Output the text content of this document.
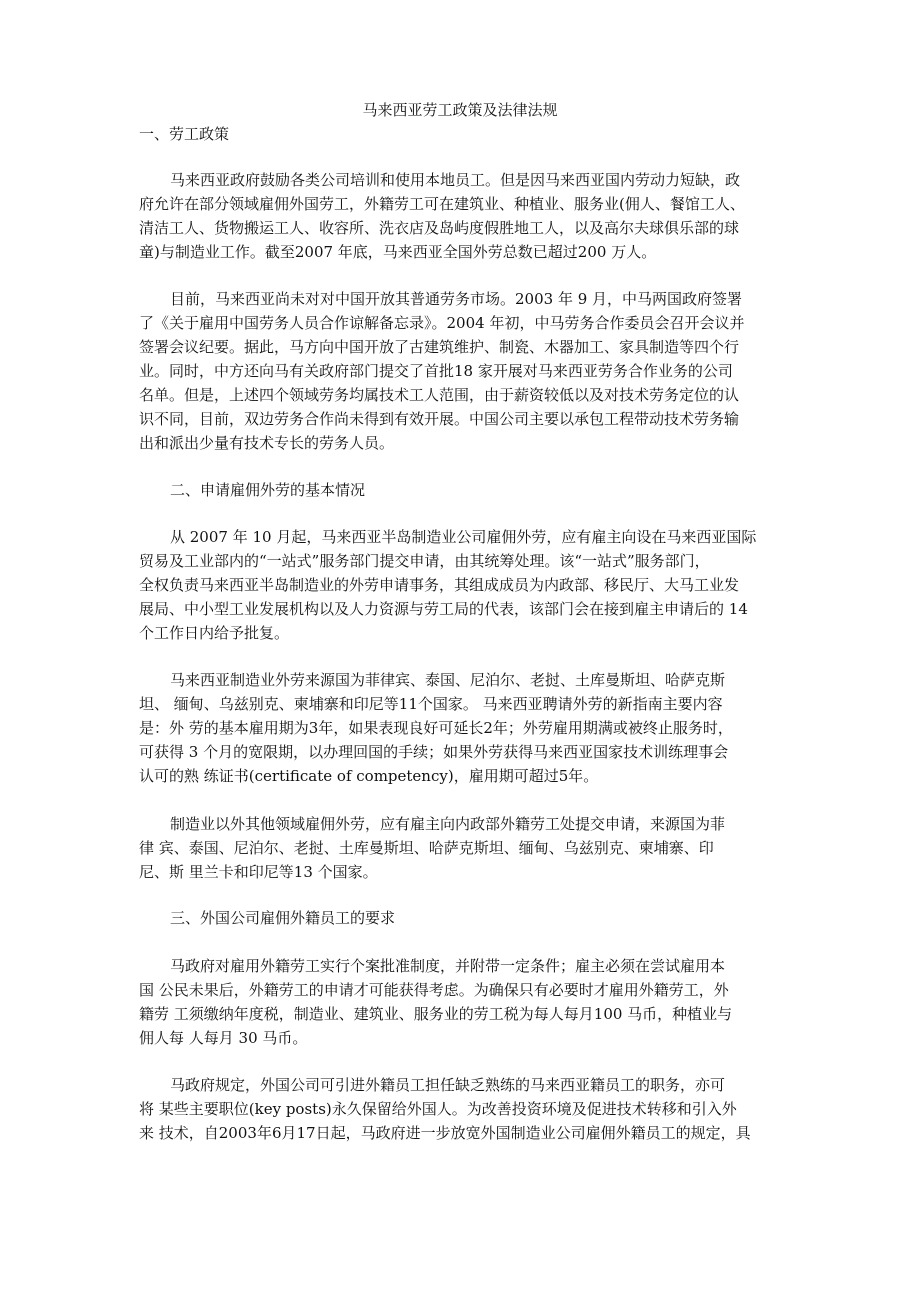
马来西亚劳工政策及法律法规
一、劳工政策
马来西亚政府鼓励各类公司培训和使用本地员工。但是因马来西亚国内劳动力短缺，政
府允许在部分领域雇佣外国劳工，外籍劳工可在建筑业、种植业、服务业(佣人、餐馆工人、
清洁工人、货物搬运工人、收容所、洗衣店及岛屿度假胜地工人，以及高尔夫球俱乐部的球
童)与制造业工作。截至2007 年底，马来西亚全国外劳总数已超过200 万人。
目前，马来西亚尚未对对中国开放其普通劳务市场。2003 年 9 月，中马两国政府签署
了《关于雇用中国劳务人员合作谅解备忘录》。2004 年初，中马劳务合作委员会召开会议并
签署会议纪要。据此，马方向中国开放了古建筑维护、制瓷、木器加工、家具制造等四个行
业。同时，中方还向马有关政府部门提交了首批18 家开展对马来西亚劳务合作业务的公司
名单。但是，上述四个领域劳务均属技术工人范围，由于薪资较低以及对技术劳务定位的认
识不同，目前，双边劳务合作尚未得到有效开展。中国公司主要以承包工程带动技术劳务输
出和派出少量有技术专长的劳务人员。
二、申请雇佣外劳的基本情况
从 2007 年 10 月起，马来西亚半岛制造业公司雇佣外劳，应有雇主向设在马来西亚国际
贸易及工业部内的“一站式”服务部门提交申请，由其统筹处理。该“一站式”服务部门，
全权负责马来西亚半岛制造业的外劳申请事务，其组成成员为内政部、移民厅、大马工业发
展局、中小型工业发展机构以及人力资源与劳工局的代表，该部门会在接到雇主申请后的 14
个工作日内给予批复。
马来西亚制造业外劳来源国为菲律宾、泰国、尼泊尔、老挝、土库曼斯坦、哈萨克斯
坦、 缅甸、乌兹别克、柬埔寨和印尼等11个国家。 马来西亚聘请外劳的新指南主要内容
是：外 劳的基本雇用期为3年，如果表现良好可延长2年；外劳雇用期满或被终止服务时，
可获得 3 个月的宽限期，以办理回国的手续；如果外劳获得马来西亚国家技术训练理事会
认可的熟 练证书(certificate of competency)，雇用期可超过5年。
制造业以外其他领域雇佣外劳，应有雇主向内政部外籍劳工处提交申请，来源国为菲
律 宾、泰国、尼泊尔、老挝、土库曼斯坦、哈萨克斯坦、缅甸、乌兹别克、柬埔寨、印
尼、斯 里兰卡和印尼等13 个国家。
三、外国公司雇佣外籍员工的要求
马政府对雇用外籍劳工实行个案批准制度，并附带一定条件；雇主必须在尝试雇用本
国 公民未果后，外籍劳工的申请才可能获得考虑。为确保只有必要时才雇用外籍劳工，外
籍劳 工须缴纳年度税，制造业、建筑业、服务业的劳工税为每人每月100 马币，种植业与
佣人每 人每月 30 马币。
马政府规定，外国公司可引进外籍员工担任缺乏熟练的马来西亚籍员工的职务，亦可
将 某些主要职位(key posts)永久保留给外国人。为改善投资环境及促进技术转移和引入外
来 技术，自2003年6月17日起，马政府进一步放宽外国制造业公司雇佣外籍员工的规定，具
